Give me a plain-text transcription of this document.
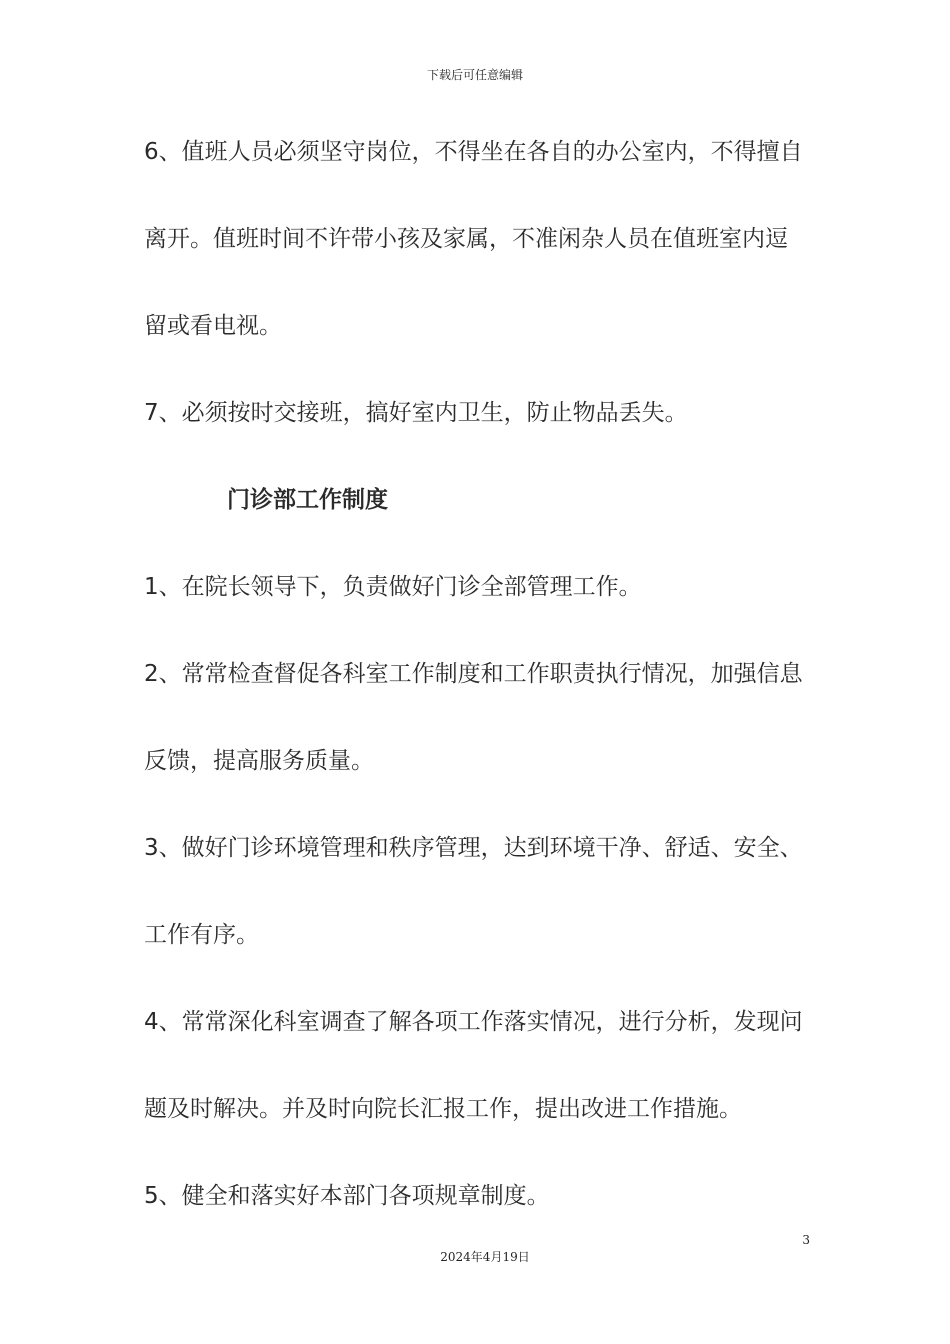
下载后可任意编辑
6、值班人员必须坚守岗位，不得坐在各自的办公室内，不得擅自
离开。值班时间不许带小孩及家属，不准闲杂人员在值班室内逗
留或看电视。
7、必须按时交接班，搞好室内卫生，防止物品丢失。
门诊部工作制度
1、在院长领导下，负责做好门诊全部管理工作。
2、常常检查督促各科室工作制度和工作职责执行情况，加强信息
反馈，提高服务质量。
3、做好门诊环境管理和秩序管理，达到环境干净、舒适、安全、
工作有序。
4、常常深化科室调查了解各项工作落实情况，进行分析，发现问
题及时解决。并及时向院长汇报工作，提出改进工作措施。
5、健全和落实好本部门各项规章制度。
3
2024年4月19日
